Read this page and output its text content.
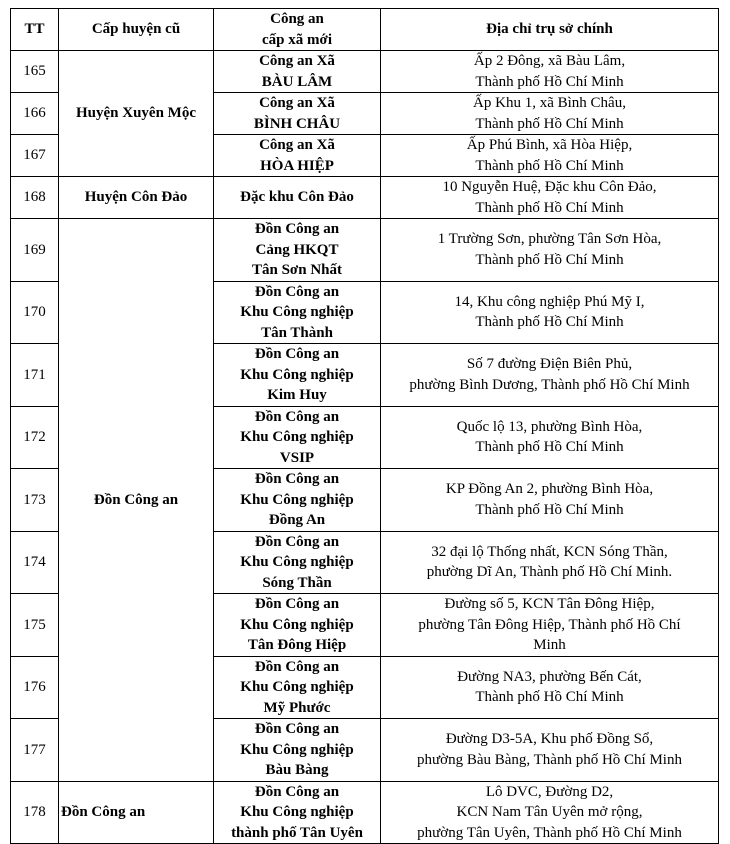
TT	Cấp huyện cũ	Công an
cấp xã mới	Địa chỉ trụ sở chính
165	Huyện Xuyên Mộc	Công an Xã
BÀU LÂM	Ấp 2 Đông, xã Bàu Lâm,
Thành phố Hồ Chí Minh

166		Công an Xã
BÌNH CHÂU	Ấp Khu 1, xã Bình Châu,
Thành phố Hồ Chí Minh

167		Công an Xã
HÒA HIỆP	Ấp Phú Bình, xã Hòa Hiệp,
Thành phố Hồ Chí Minh

168	Huyện Côn Đảo	Đặc khu Côn Đảo	10 Nguyễn Huệ, Đặc khu Côn Đảo,
Thành phố Hồ Chí Minh

169	Đồn Công an	Đồn Công an
Cảng HKQT
Tân Sơn Nhất	1 Trường Sơn, phường Tân Sơn Hòa,
Thành phố Hồ Chí Minh

170		Đồn Công an
Khu Công nghiệp
Tân Thành	14, Khu công nghiệp Phú Mỹ I,
Thành phố Hồ Chí Minh

171		Đồn Công an
Khu Công nghiệp
Kim Huy	Số 7 đường Điện Biên Phủ,
phường Bình Dương, Thành phố Hồ Chí Minh

172		Đồn Công an
Khu Công nghiệp
VSIP	Quốc lộ 13, phường Bình Hòa,
Thành phố Hồ Chí Minh

173		Đồn Công an
Khu Công nghiệp
Đồng An	KP Đồng An 2, phường Bình Hòa,
Thành phố Hồ Chí Minh

174		Đồn Công an
Khu Công nghiệp
Sóng Thần	32 đại lộ Thống nhất, KCN Sóng Thần,
phường Dĩ An, Thành phố Hồ Chí Minh.

175		Đồn Công an
Khu Công nghiệp
Tân Đông Hiệp	Đường số 5, KCN Tân Đông Hiệp,
phường Tân Đông Hiệp, Thành phố Hồ Chí
Minh

176		Đồn Công an
Khu Công nghiệp
Mỹ Phước	Đường NA3, phường Bến Cát,
Thành phố Hồ Chí Minh

177		Đồn Công an
Khu Công nghiệp
Bàu Bàng	Đường D3-5A, Khu phố Đồng Sổ,
phường Bàu Bàng, Thành phố Hồ Chí Minh

178	Đồn Công an	Đồn Công an
Khu Công nghiệp
thành phố Tân Uyên	Lô DVC, Đường D2,
KCN Nam Tân Uyên mở rộng,
phường Tân Uyên, Thành phố Hồ Chí Minh
